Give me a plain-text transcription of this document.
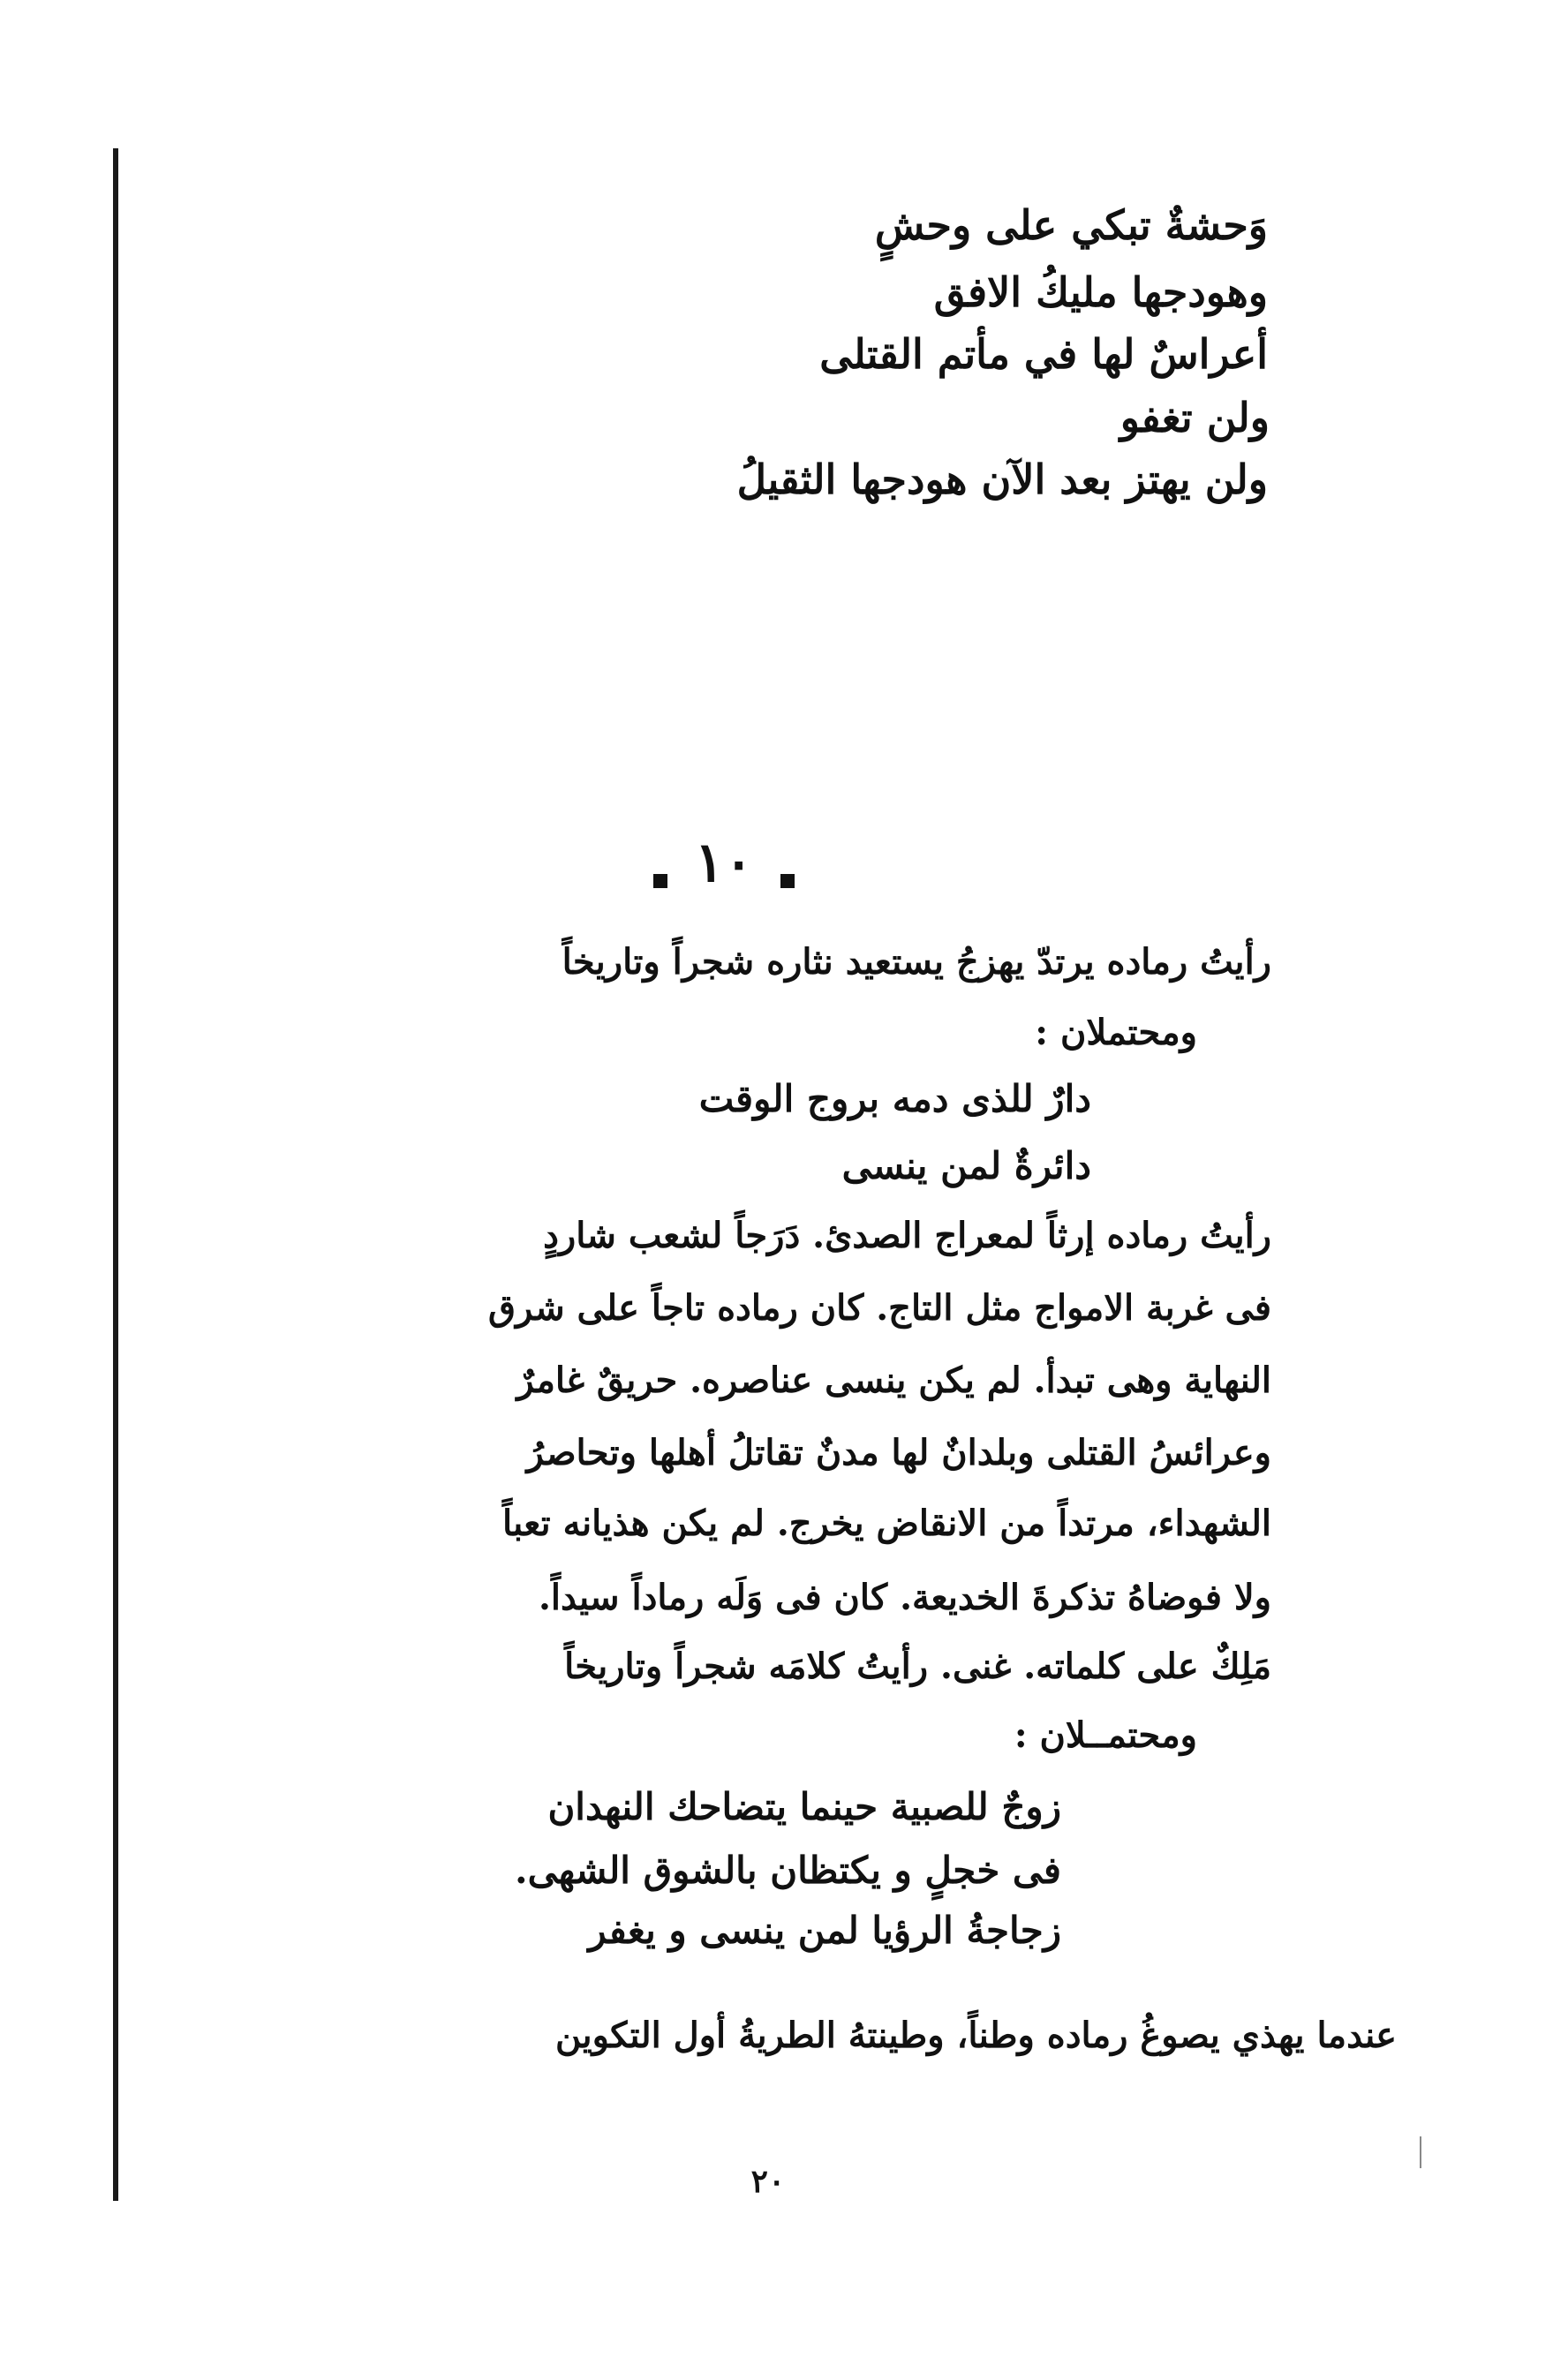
وَحشةٌ تبكي على وحشٍ
وهودجها مليكُ الافق
أعراسٌ لها في مأتم القتلى
ولن تغفو
ولن يهتز بعد الآن هودجها الثقيلُ
١٠
رأيتُ رماده يرتدّ يهزجُ يستعيد نثاره شجراً وتاريخاً
ومحتملان :
دارٌ للذى دمه بروج الوقت
دائرةٌ لمن ينسى
رأيتُ رماده إرثاً لمعراج الصدئ. دَرَجاً لشعب شاردٍ
فى غربة الامواج مثل التاج. كان رماده تاجاً على شرق
النهاية وهى تبدأ. لم يكن ينسى عناصره. حريقٌ غامرٌ
وعرائسُ القتلى وبلدانٌ لها مدنٌ تقاتلُ أهلها وتحاصرُ
الشهداء، مرتداً من الانقاض يخرج. لم يكن هذيانه تعباً
ولا فوضاهُ تذكرةَ الخديعة. كان فى وَلَه رماداً سيداً.
مَلِكٌ على كلماته. غنى. رأيتُ كلامَه شجراً وتاريخاً
ومحتمــلان :
زوجٌ للصبية حينما يتضاحك النهدان
فى خجلٍ و يكتظان بالشوق الشهى.
زجاجةُ الرؤيا لمن ينسى و يغفر
عندما يهذي يصوغُ رماده وطناً، وطينتهُ الطريةُ أول التكوين
٢٠
